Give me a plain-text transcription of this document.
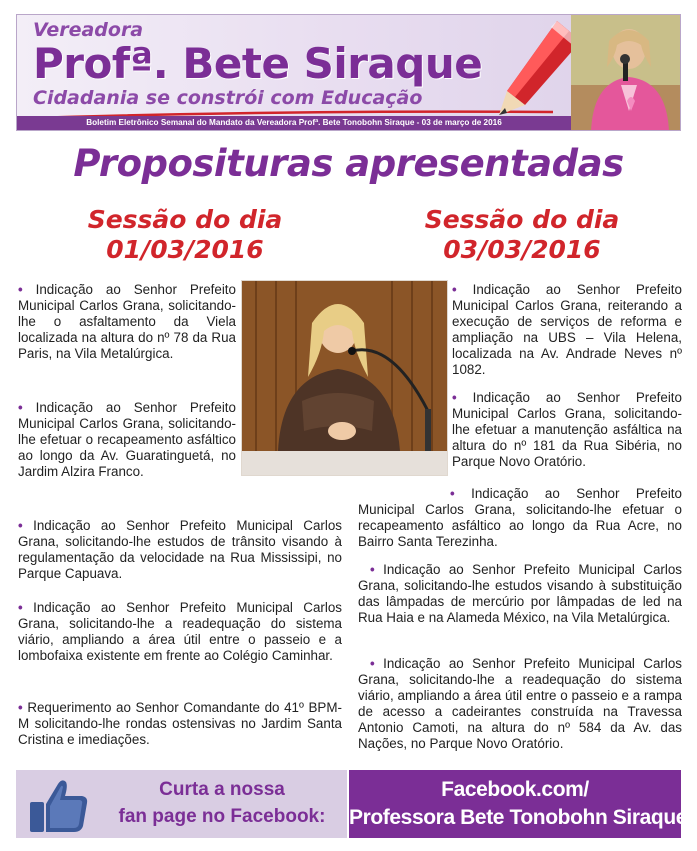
Vereadora
Profª. Bete Siraque
Cidadania se constrói com Educação
Boletim Eletrônico Semanal do Mandato da Vereadora Profª. Bete Tonobohn Siraque - 03 de março de 2016
Proposituras apresentadas
Sessão do dia
01/03/2016
Sessão do dia
03/03/2016
• Indicação ao Senhor Prefeito Municipal Carlos Grana, solicitando-lhe o asfaltamento da Viela localizada na altura do nº 78 da Rua Paris, na Vila Metalúrgica.
• Indicação ao Senhor Prefeito Municipal Carlos Grana, solicitando-lhe efetuar o recapeamento asfáltico ao longo da Av. Guaratinguetá, no Jardim Alzira Franco.
• Indicação ao Senhor Prefeito Municipal Carlos Grana, solicitando-lhe estudos de trânsito visando à regulamentação da velocidade na Rua Mississipi, no Parque Capuava.
• Indicação ao Senhor Prefeito Municipal Carlos Grana, solicitando-lhe a readequação do sistema viário, ampliando a área útil entre o passeio e a lombofaixa existente em frente ao Colégio Caminhar.
• Requerimento ao Senhor Comandante do 41º BPM-M solicitando-lhe rondas ostensivas no Jardim Santa Cristina e imediações.
• Indicação ao Senhor Prefeito Municipal Carlos Grana, reiterando a execução de serviços de reforma e ampliação na UBS – Vila Helena, localizada na Av. Andrade Neves nº 1082.
• Indicação ao Senhor Prefeito Municipal Carlos Grana, solicitando-lhe efetuar a manutenção asfáltica na altura do nº 181 da Rua Sibéria, no Parque Novo Oratório.
• Indicação ao Senhor Prefeito Municipal Carlos Grana, solicitando-lhe efetuar o recapeamento asfáltico ao longo da Rua Acre, no Bairro Santa Terezinha.
• Indicação ao Senhor Prefeito Municipal Carlos Grana, solicitando-lhe estudos visando à substituição das lâmpadas de mercúrio por lâmpadas de led na Rua Haia e na Alameda México, na Vila Metalúrgica.
• Indicação ao Senhor Prefeito Municipal Carlos Grana, solicitando-lhe a readequação do sistema viário, ampliando a área útil entre o passeio e a rampa de acesso a cadeirantes construída na Travessa Antonio Camoti, na altura do nº 584 da Av. das Nações, no Parque Novo Oratório.
Curta a nossa
fan page no Facebook:
Facebook.com/
Professora Bete Tonobohn Siraque
